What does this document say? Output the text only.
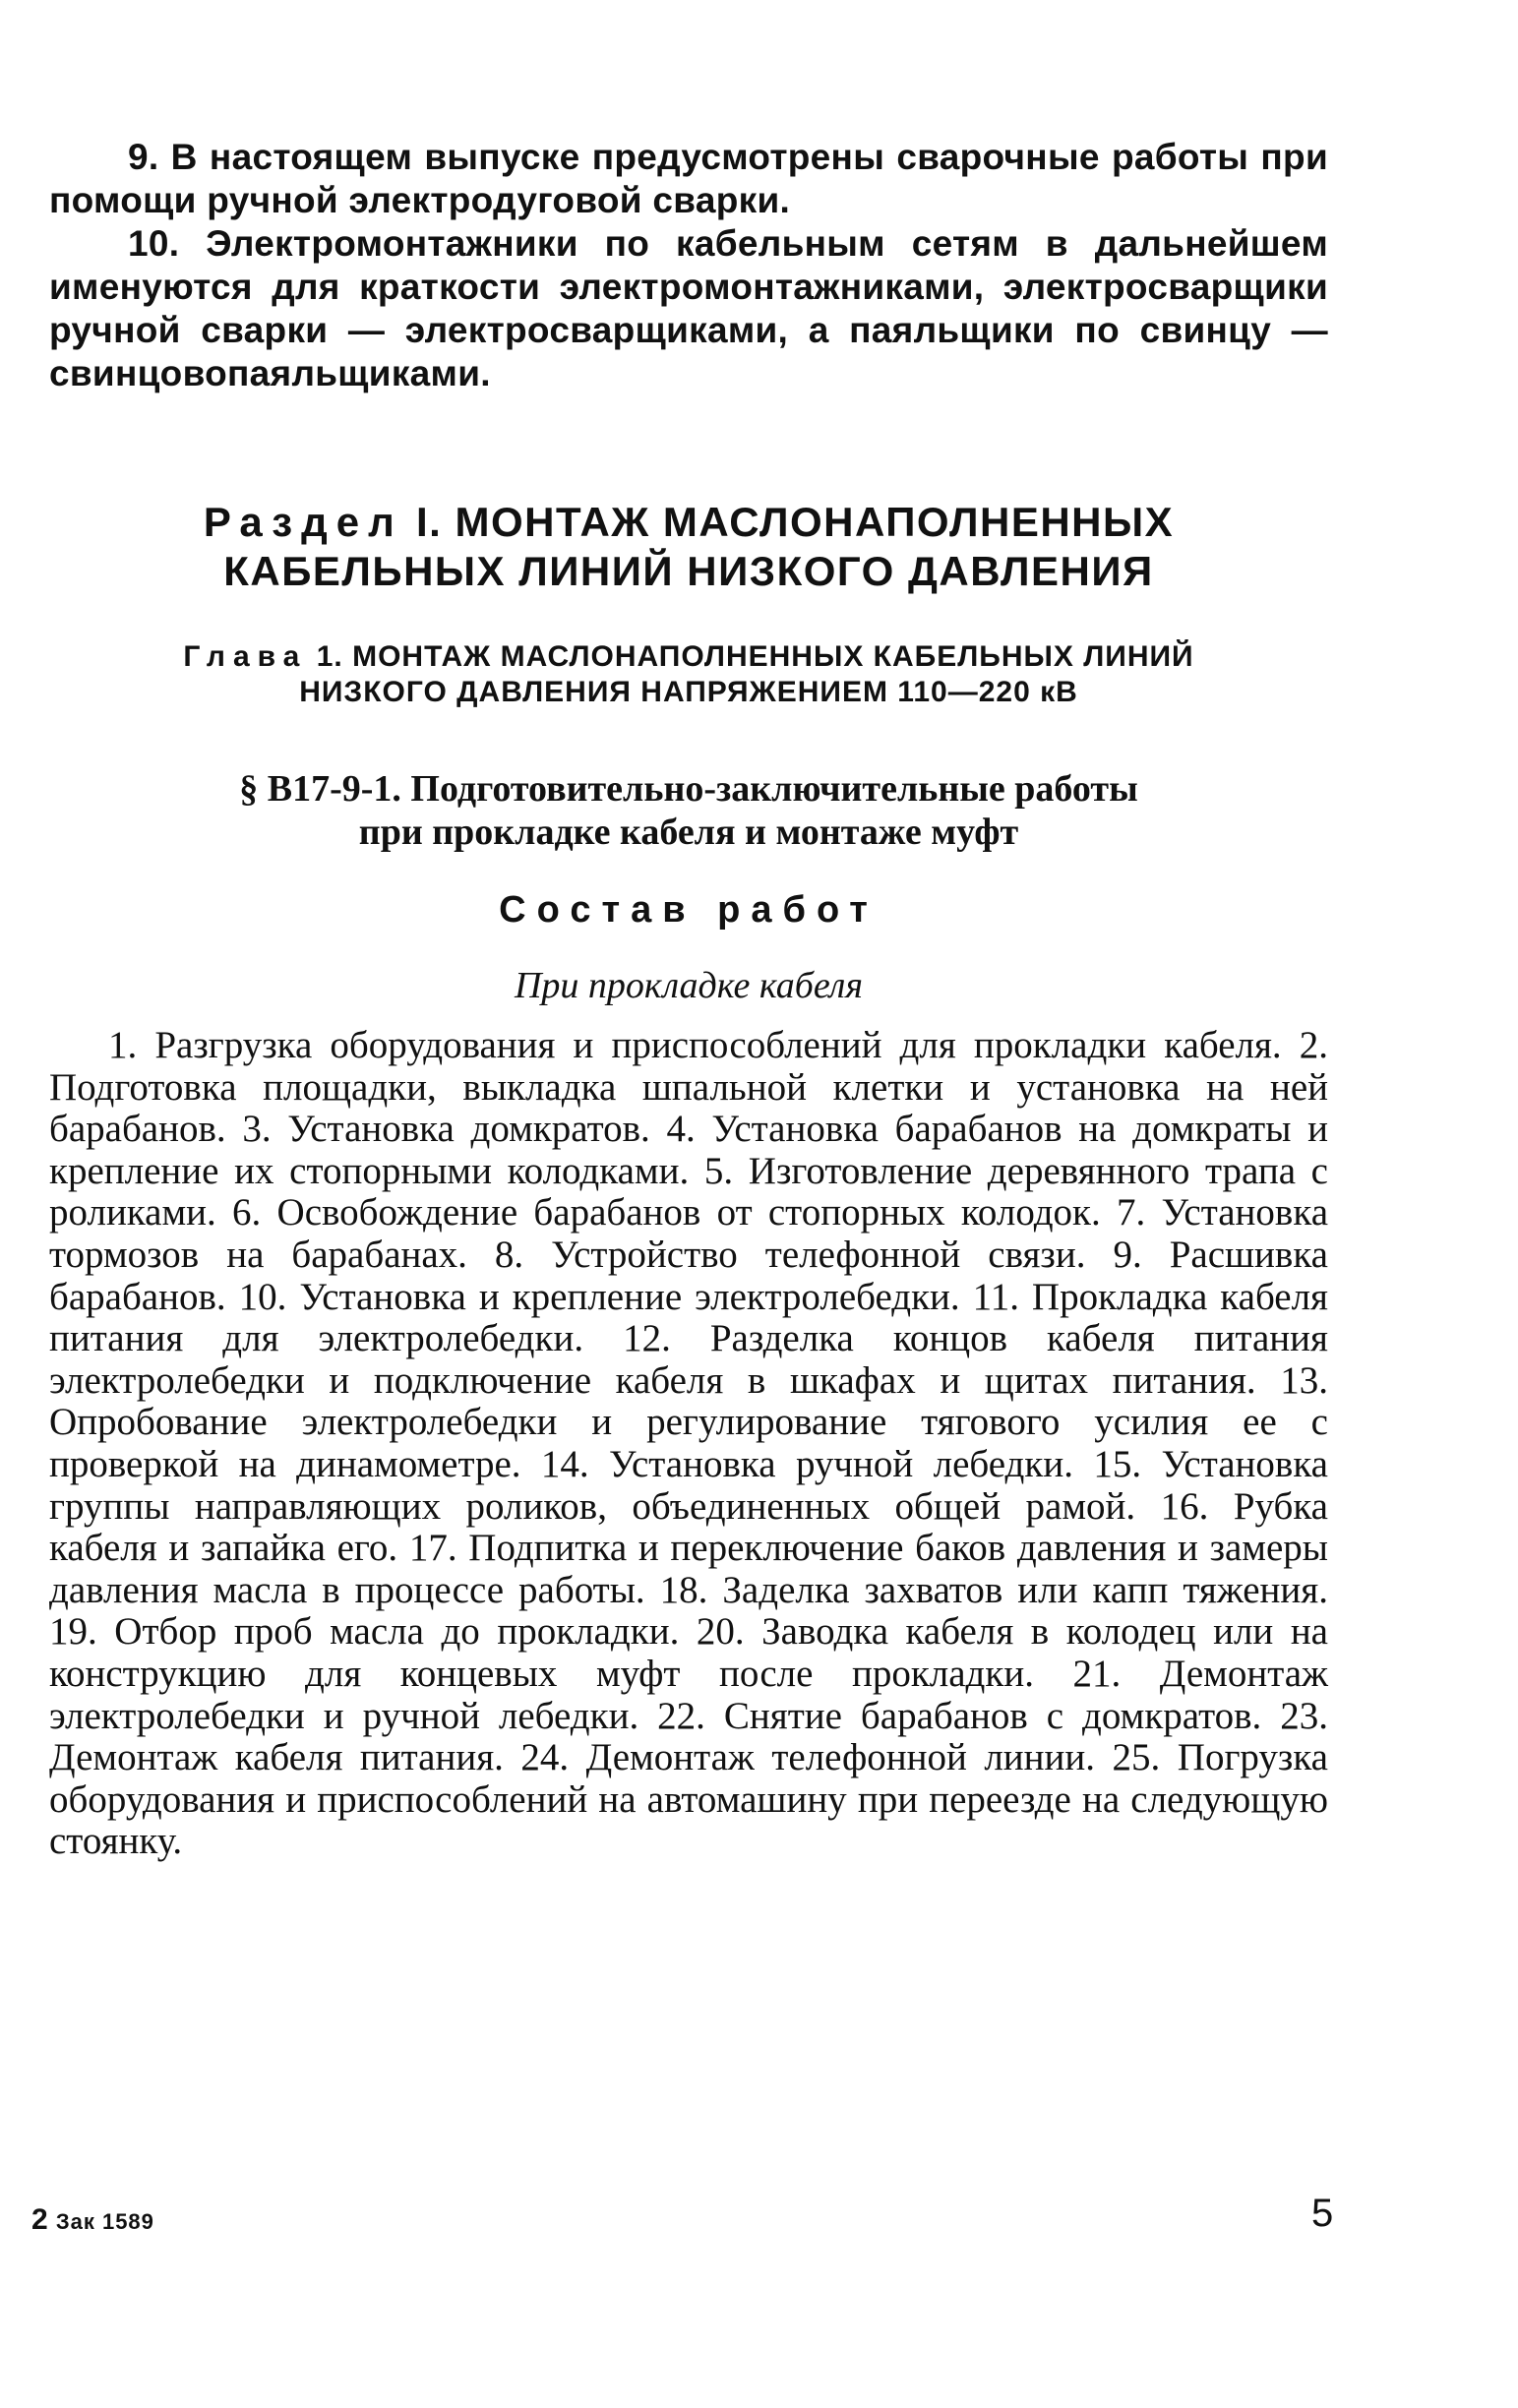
9. В настоящем выпуске предусмотрены сварочные работы при помощи ручной электродуговой сварки.

10. Электромонтажники по кабельным сетям в дальнейшем именуются для краткости электромонтажниками, электросварщики ручной сварки — электросварщиками, а паяльщики по свинцу — свинцовопаяльщиками.

Раздел I. МОНТАЖ МАСЛОНАПОЛНЕННЫХ
КАБЕЛЬНЫХ ЛИНИЙ НИЗКОГО ДАВЛЕНИЯ
Глава 1. МОНТАЖ МАСЛОНАПОЛНЕННЫХ КАБЕЛЬНЫХ ЛИНИЙ
НИЗКОГО ДАВЛЕНИЯ НАПРЯЖЕНИЕМ 110—220 кВ
§ В17-9-1. Подготовительно-заключительные работы
при прокладке кабеля и монтаже муфт
Состав работ
При прокладке кабеля

1. Разгрузка оборудования и приспособлений для прокладки кабеля. 2. Подготовка площадки, выкладка шпальной клетки и установка на ней барабанов. 3. Установка домкратов. 4. Установка барабанов на домкраты и крепление их стопорными колодками. 5. Изготовление деревянного трапа с роликами. 6. Освобождение барабанов от стопорных колодок. 7. Установка тормозов на барабанах. 8. Устройство телефонной связи. 9. Расшивка барабанов. 10. Установка и крепление электролебедки. 11. Прокладка кабеля питания для электролебедки. 12. Разделка концов кабеля питания электролебедки и подключение кабеля в шкафах и щитах питания. 13. Опробование электролебедки и регулирование тягового усилия ее с проверкой на динамометре. 14. Установка ручной лебедки. 15. Установка группы направляющих роликов, объединенных общей рамой. 16. Рубка кабеля и запайка его. 17. Подпитка и переключение баков давления и замеры давления масла в процессе работы. 18. Заделка захватов или капп тяжения. 19. Отбор проб масла до прокладки. 20. Заводка кабеля в колодец или на конструкцию для концевых муфт после прокладки. 21. Демонтаж электролебедки и ручной лебедки. 22. Снятие барабанов с домкратов. 23. Демонтаж кабеля питания. 24. Демонтаж телефонной линии. 25. Погрузка оборудования и приспособлений на автомашину при переезде на следующую стоянку.

2 Зак 1589	5
